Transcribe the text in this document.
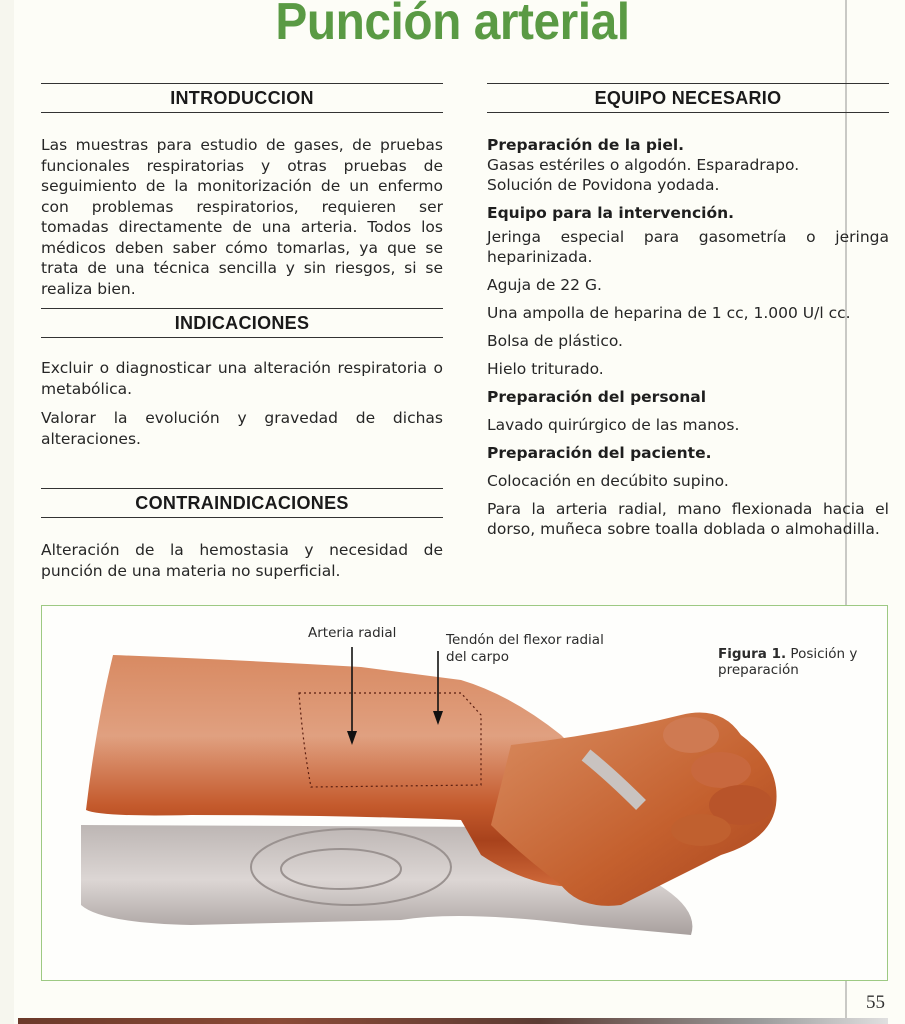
Punción arterial
INTRODUCCION

Las muestras para estudio de gases, de pruebas funcionales respiratorias y otras pruebas de seguimiento de la monitorización de un enfermo con problemas respiratorios, requieren ser tomadas directamente de una arteria. Todos los médicos deben saber cómo tomarlas, ya que se trata de una técnica sencilla y sin riesgos, si se realiza bien.

INDICACIONES

Excluir o diagnosticar una alteración respiratoria o metabólica.

Valorar la evolución y gravedad de dichas alteraciones.

CONTRAINDICACIONES

Alteración de la hemostasia y necesidad de punción de una materia no superficial.

EQUIPO NECESARIO
Preparación de la piel.
Gasas estériles o algodón. Esparadrapo.
Solución de Povidona yodada.
Equipo para la intervención.
Jeringa especial para gasometría o jeringa heparinizada.
Aguja de 22 G.
Una ampolla de heparina de 1 cc, 1.000 U/l cc.
Bolsa de plástico.
Hielo triturado.
Preparación del personal
Lavado quirúrgico de las manos.
Preparación del paciente.
Colocación en decúbito supino.
Para la arteria radial, mano flexionada hacia el dorso, muñeca sobre toalla doblada o almohadilla.
Arteria radial	Tendón del flexor radial
del carpo	Figura 1. Posición y preparación
55
